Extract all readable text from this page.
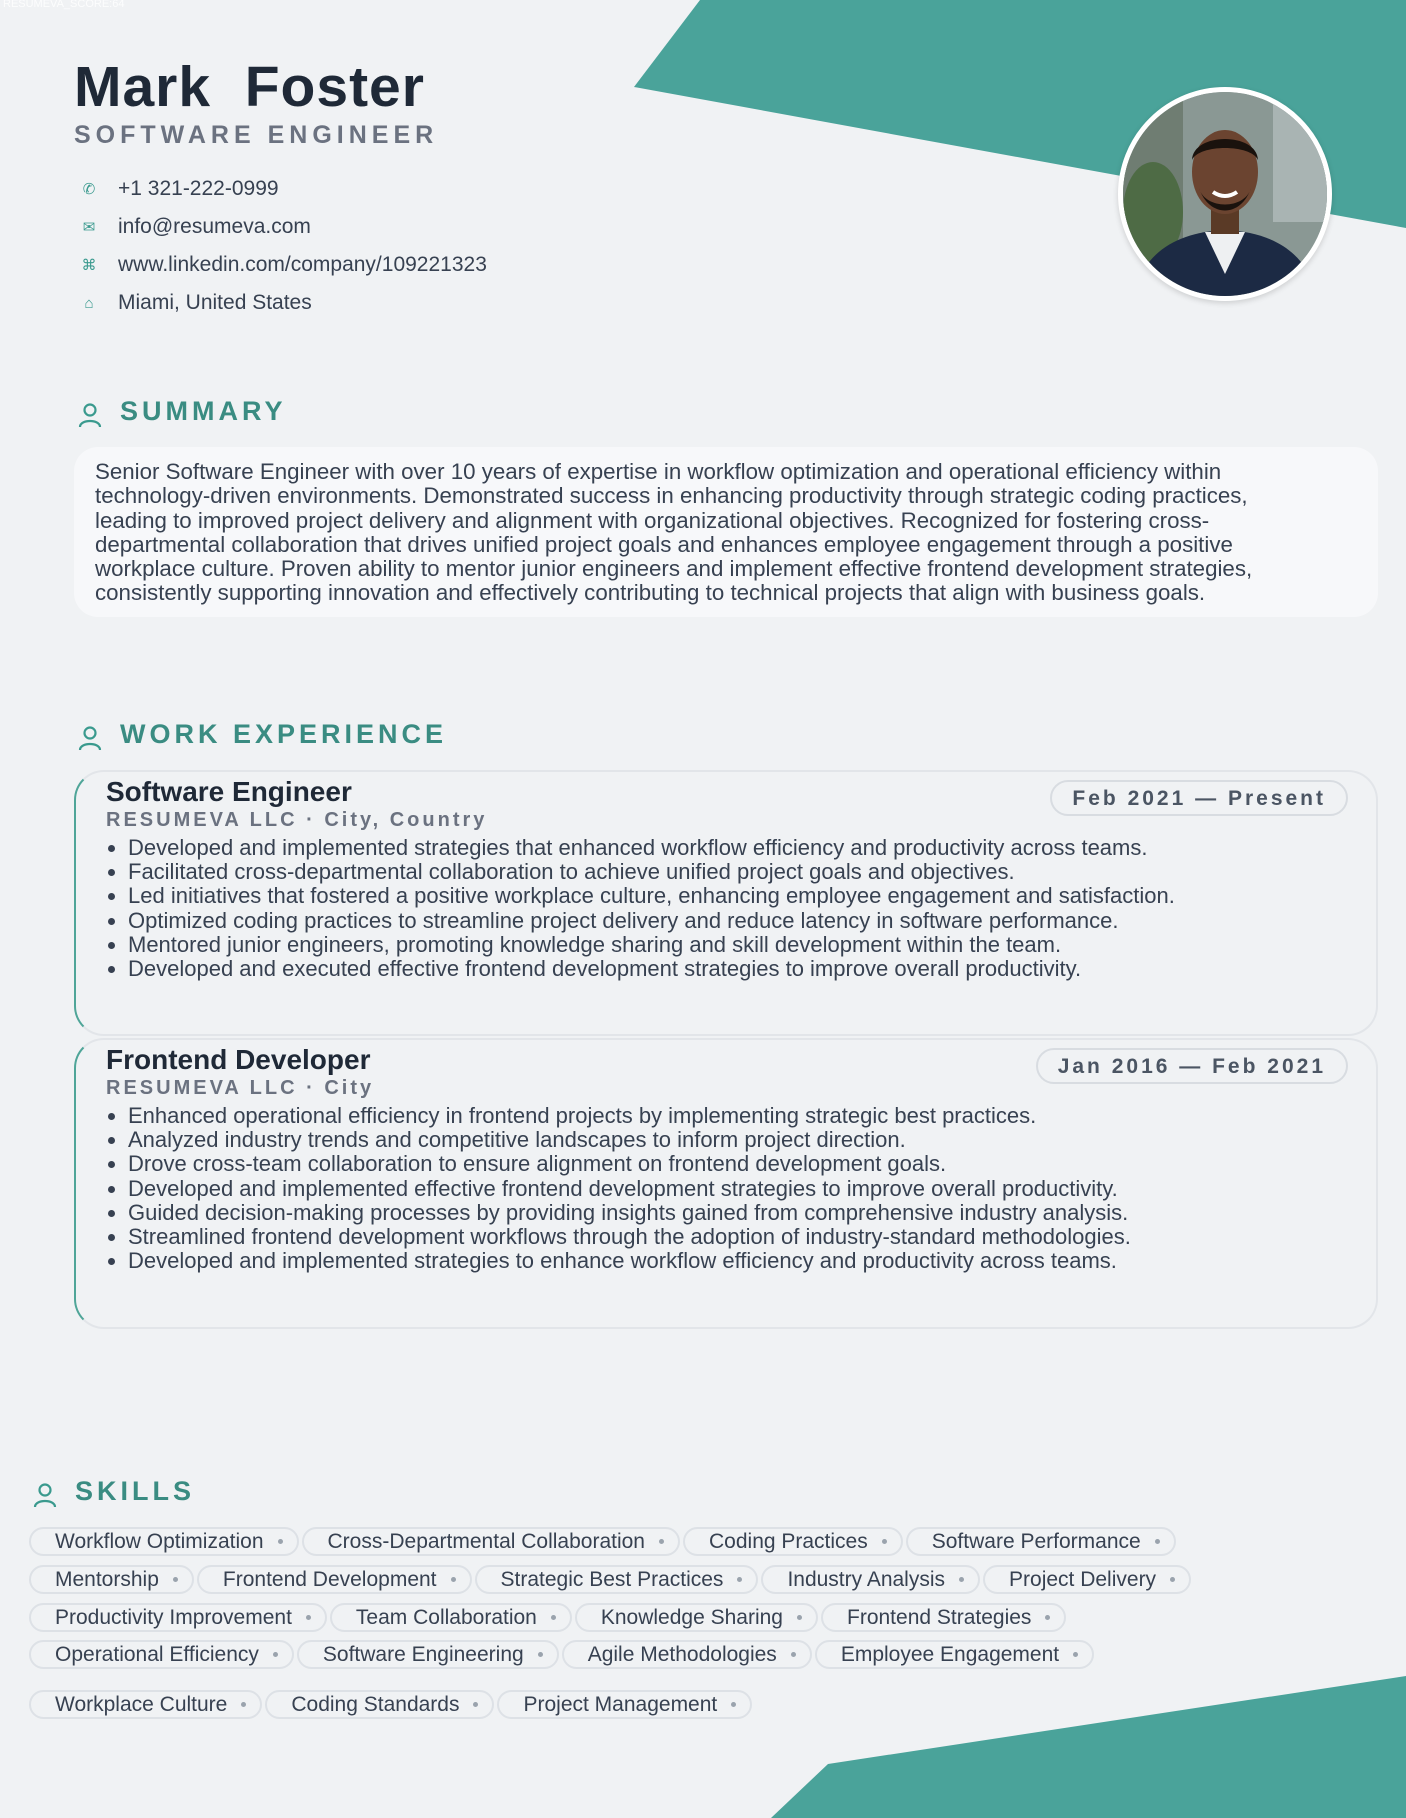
RESUMEVA_SCORE:64
Mark  Foster
SOFTWARE ENGINEER
✆ +1 321-222-0999
✉ info@resumeva.com
⌘ www.linkedin.com/company/109221323
⌂	Miami, United States
SUMMARY
Senior Software Engineer with over 10 years of expertise in workflow optimization and operational efficiency within
technology-driven environments. Demonstrated success in enhancing productivity through strategic coding practices,
leading to improved project delivery and alignment with organizational objectives. Recognized for fostering cross-
departmental collaboration that drives unified project goals and enhances employee engagement through a positive
workplace culture. Proven ability to mentor junior engineers and implement effective frontend development strategies,
consistently supporting innovation and effectively contributing to technical projects that align with business goals.
WORK EXPERIENCE
Software Engineer
RESUMEVA LLC · City, Country
Feb 2021 — Present
• Developed and implemented strategies that enhanced workflow efficiency and productivity across teams.
• Facilitated cross-departmental collaboration to achieve unified project goals and objectives.
• Led initiatives that fostered a positive workplace culture, enhancing employee engagement and satisfaction.
• Optimized coding practices to streamline project delivery and reduce latency in software performance.
• Mentored junior engineers, promoting knowledge sharing and skill development within the team.
• Developed and executed effective frontend development strategies to improve overall productivity.
Frontend Developer
RESUMEVA LLC · City
Jan 2016 — Feb 2021
• Enhanced operational efficiency in frontend projects by implementing strategic best practices.
• Analyzed industry trends and competitive landscapes to inform project direction.
• Drove cross-team collaboration to ensure alignment on frontend development goals.
• Developed and implemented effective frontend development strategies to improve overall productivity.
• Guided decision-making processes by providing insights gained from comprehensive industry analysis.
• Streamlined frontend development workflows through the adoption of industry-standard methodologies.
• Developed and implemented strategies to enhance workflow efficiency and productivity across teams.
SKILLS
Workflow Optimization	Cross-Departmental Collaboration	Coding Practices	Software Performance
Mentorship	Frontend Development	Strategic Best Practices	Industry Analysis	Project Delivery
Productivity Improvement	Team Collaboration	Knowledge Sharing	Frontend Strategies
Operational Efficiency	Software Engineering	Agile Methodologies	Employee Engagement
Workplace Culture	Coding Standards	Project Management
